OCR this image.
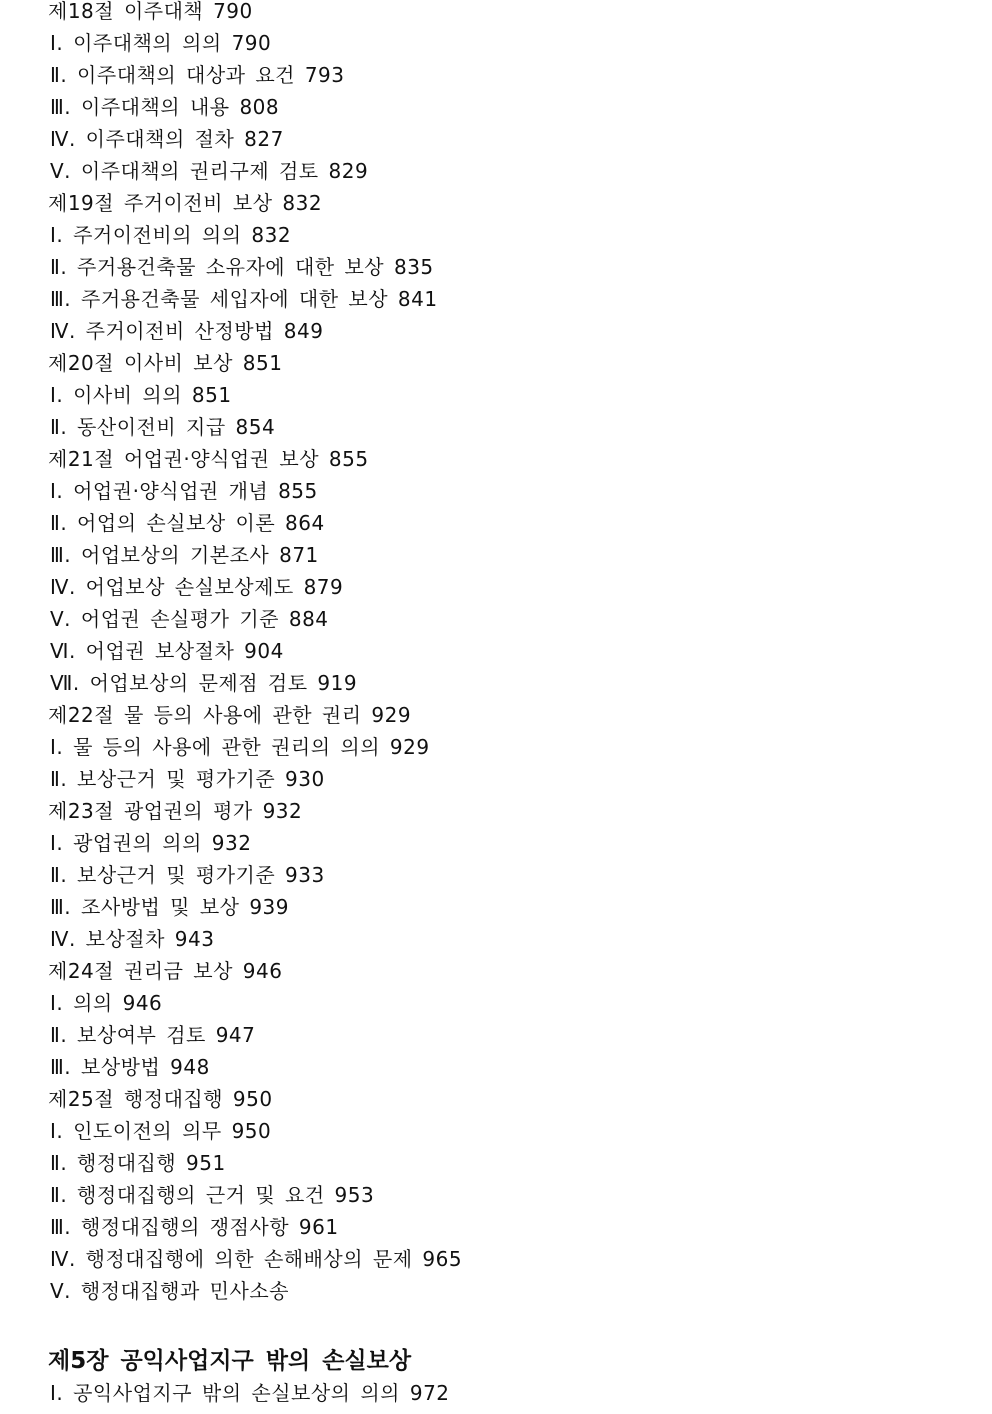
제18절 이주대책 790
Ⅰ. 이주대책의 의의 790
Ⅱ. 이주대책의 대상과 요건 793
Ⅲ. 이주대책의 내용 808
Ⅳ. 이주대책의 절차 827
Ⅴ. 이주대책의 권리구제 검토 829
제19절 주거이전비 보상 832
Ⅰ. 주거이전비의 의의 832
Ⅱ. 주거용건축물 소유자에 대한 보상 835
Ⅲ. 주거용건축물 세입자에 대한 보상 841
Ⅳ. 주거이전비 산정방법 849
제20절 이사비 보상 851
Ⅰ. 이사비 의의 851
Ⅱ. 동산이전비 지급 854
제21절 어업권·양식업권 보상 855
Ⅰ. 어업권·양식업권 개념 855
Ⅱ. 어업의 손실보상 이론 864
Ⅲ. 어업보상의 기본조사 871
Ⅳ. 어업보상 손실보상제도 879
Ⅴ. 어업권 손실평가 기준 884
Ⅵ. 어업권 보상절차 904
Ⅶ. 어업보상의 문제점 검토 919
제22절 물 등의 사용에 관한 권리 929
Ⅰ. 물 등의 사용에 관한 권리의 의의 929
Ⅱ. 보상근거 및 평가기준 930
제23절 광업권의 평가 932
Ⅰ. 광업권의 의의 932
Ⅱ. 보상근거 및 평가기준 933
Ⅲ. 조사방법 및 보상 939
Ⅳ. 보상절차 943
제24절 권리금 보상 946
Ⅰ. 의의 946
Ⅱ. 보상여부 검토 947
Ⅲ. 보상방법 948
제25절 행정대집행 950
Ⅰ. 인도이전의 의무 950
Ⅱ. 행정대집행 951
Ⅱ. 행정대집행의 근거 및 요건 953
Ⅲ. 행정대집행의 쟁점사항 961
Ⅳ. 행정대집행에 의한 손해배상의 문제 965
Ⅴ. 행정대집행과 민사소송
제5장 공익사업지구 밖의 손실보상
Ⅰ. 공익사업지구 밖의 손실보상의 의의 972
